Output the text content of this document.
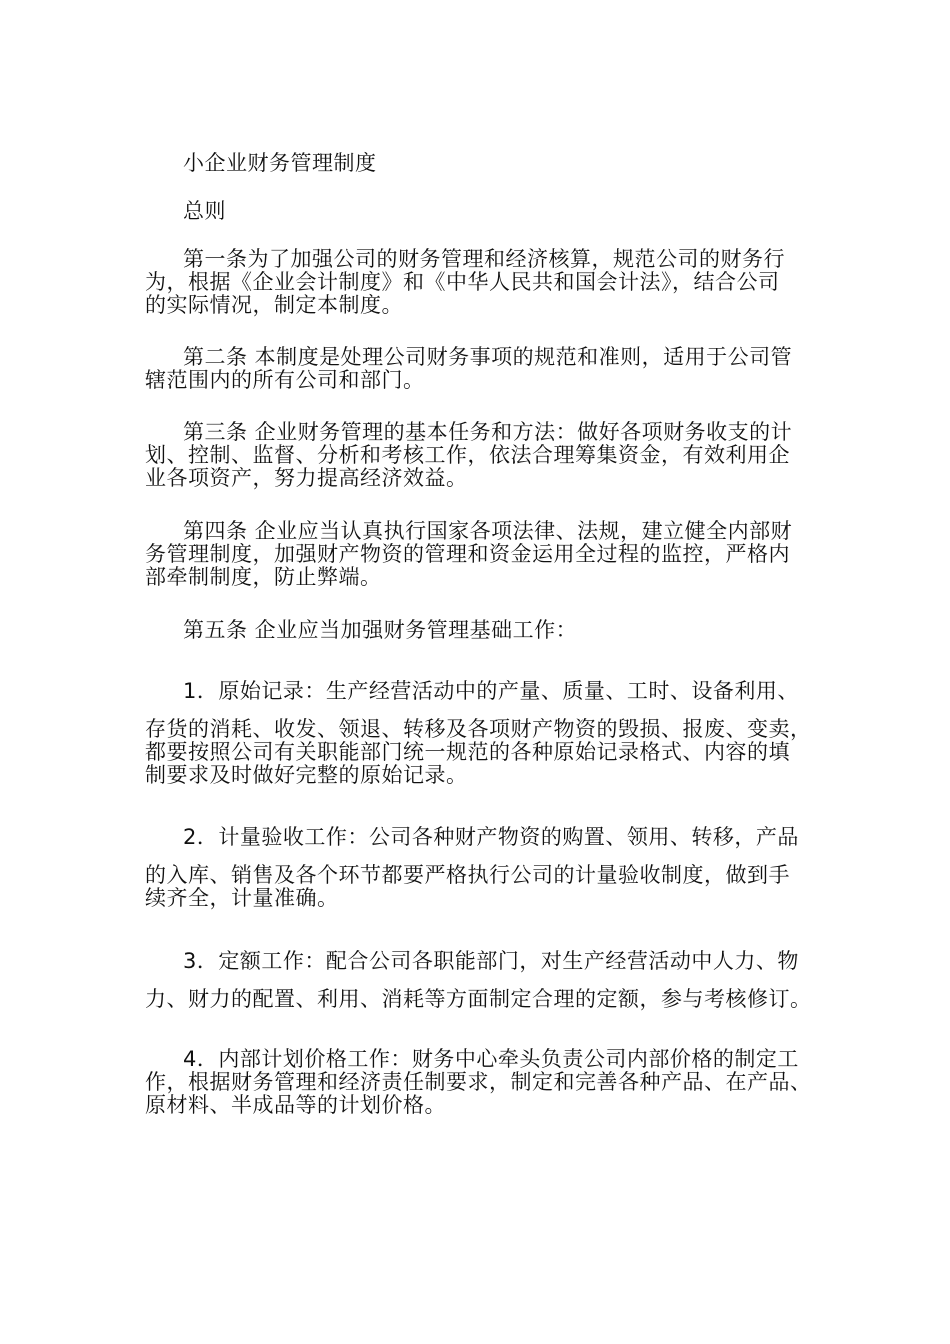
小企业财务管理制度

总则

第一条为了加强公司的财务管理和经济核算，规范公司的财务行
为，根据《企业会计制度》和《中华人民共和国会计法》，结合公司
的实际情况，制定本制度。

第二条 本制度是处理公司财务事项的规范和准则，适用于公司管
辖范围内的所有公司和部门。

第三条 企业财务管理的基本任务和方法：做好各项财务收支的计
划、控制、监督、分析和考核工作，依法合理筹集资金，有效利用企
业各项资产，努力提高经济效益。

第四条 企业应当认真执行国家各项法律、法规，建立健全内部财
务管理制度，加强财产物资的管理和资金运用全过程的监控，严格内
部牵制制度，防止弊端。

第五条 企业应当加强财务管理基础工作：

1．原始记录：生产经营活动中的产量、质量、工时、设备利用、
存货的消耗、收发、领退、转移及各项财产物资的毁损、报废、变卖，
都要按照公司有关职能部门统一规范的各种原始记录格式、内容的填
制要求及时做好完整的原始记录。

2．计量验收工作：公司各种财产物资的购置、领用、转移，产品
的入库、销售及各个环节都要严格执行公司的计量验收制度，做到手
续齐全，计量准确。

3．定额工作：配合公司各职能部门，对生产经营活动中人力、物
力、财力的配置、利用、消耗等方面制定合理的定额，参与考核修订。

4．内部计划价格工作：财务中心牵头负责公司内部价格的制定工
作，根据财务管理和经济责任制要求，制定和完善各种产品、在产品、
原材料、半成品等的计划价格。
